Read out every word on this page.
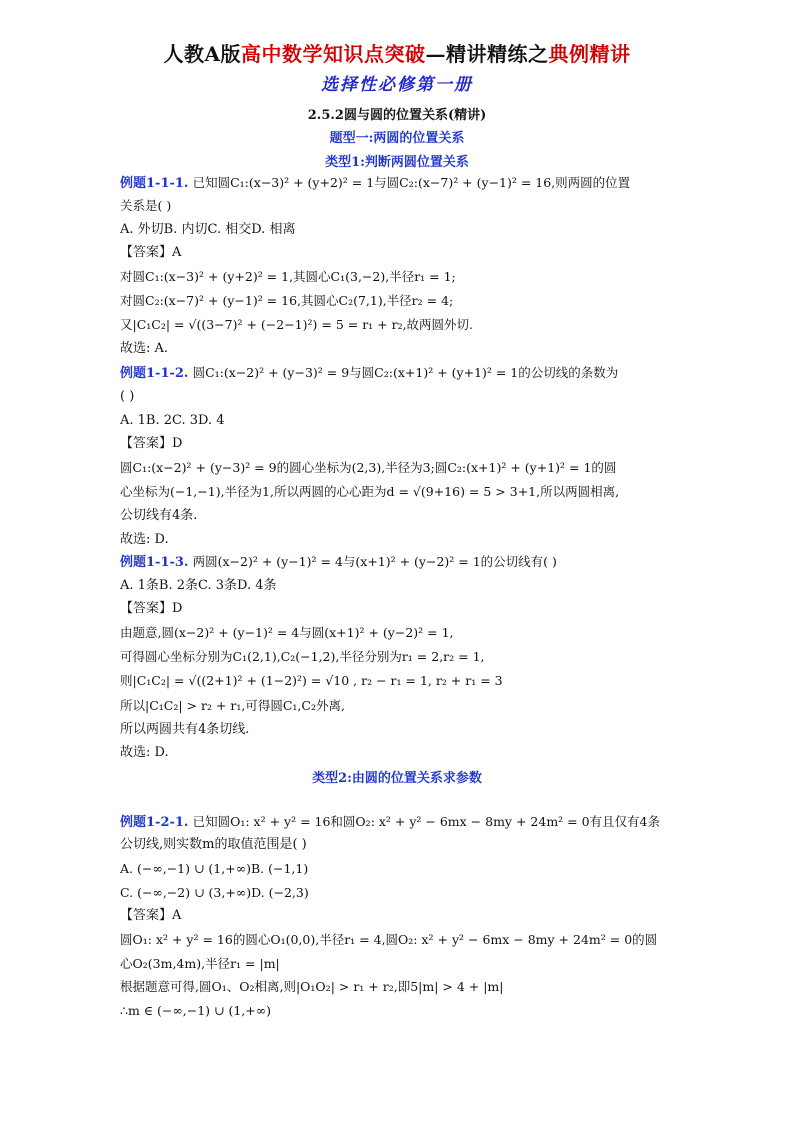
人教A版高中数学知识点突破—精讲精练之典例精讲
选择性必修第一册
2.5.2圆与圆的位置关系(精讲)
题型一:两圆的位置关系
类型1:判断两圆位置关系
例题1-1-1. 已知圆C₁:(x−3)² + (y+2)² = 1与圆C₂:(x−7)² + (y−1)² = 16,则两圆的位置
关系是( )
A. 外切B. 内切C. 相交D. 相离
【答案】A
对圆C₁:(x−3)² + (y+2)² = 1,其圆心C₁(3,−2),半径r₁ = 1;
对圆C₂:(x−7)² + (y−1)² = 16,其圆心C₂(7,1),半径r₂ = 4;
又|C₁C₂| = √((3−7)² + (−2−1)²) = 5 = r₁ + r₂,故两圆外切.
故选: A.
例题1-1-2. 圆C₁:(x−2)² + (y−3)² = 9与圆C₂:(x+1)² + (y+1)² = 1的公切线的条数为
( )
A. 1B. 2C. 3D. 4
【答案】D
圆C₁:(x−2)² + (y−3)² = 9的圆心坐标为(2,3),半径为3;圆C₂:(x+1)² + (y+1)² = 1的圆
心坐标为(−1,−1),半径为1,所以两圆的心心距为d = √(9+16) = 5 > 3+1,所以两圆相离,
公切线有4条.
故选: D.
例题1-1-3. 两圆(x−2)² + (y−1)² = 4与(x+1)² + (y−2)² = 1的公切线有( )
A. 1条B. 2条C. 3条D. 4条
【答案】D
由题意,圆(x−2)² + (y−1)² = 4与圆(x+1)² + (y−2)² = 1,
可得圆心坐标分别为C₁(2,1),C₂(−1,2),半径分别为r₁ = 2,r₂ = 1,
则|C₁C₂| = √((2+1)² + (1−2)²) = √10 , r₂ − r₁ = 1, r₂ + r₁ = 3
所以|C₁C₂| > r₂ + r₁,可得圆C₁,C₂外离,
所以两圆共有4条切线.
故选: D.
类型2:由圆的位置关系求参数
例题1-2-1. 已知圆O₁: x² + y² = 16和圆O₂: x² + y² − 6mx − 8my + 24m² = 0有且仅有4条
公切线,则实数m的取值范围是( )
A. (−∞,−1) ∪ (1,+∞)B. (−1,1)
C. (−∞,−2) ∪ (3,+∞)D. (−2,3)
【答案】A
圆O₁: x² + y² = 16的圆心O₁(0,0),半径r₁ = 4,圆O₂: x² + y² − 6mx − 8my + 24m² = 0的圆
心O₂(3m,4m),半径r₁ = |m|
根据题意可得,圆O₁、O₂相离,则|O₁O₂| > r₁ + r₂,即5|m| > 4 + |m|
∴m ∈ (−∞,−1) ∪ (1,+∞)
